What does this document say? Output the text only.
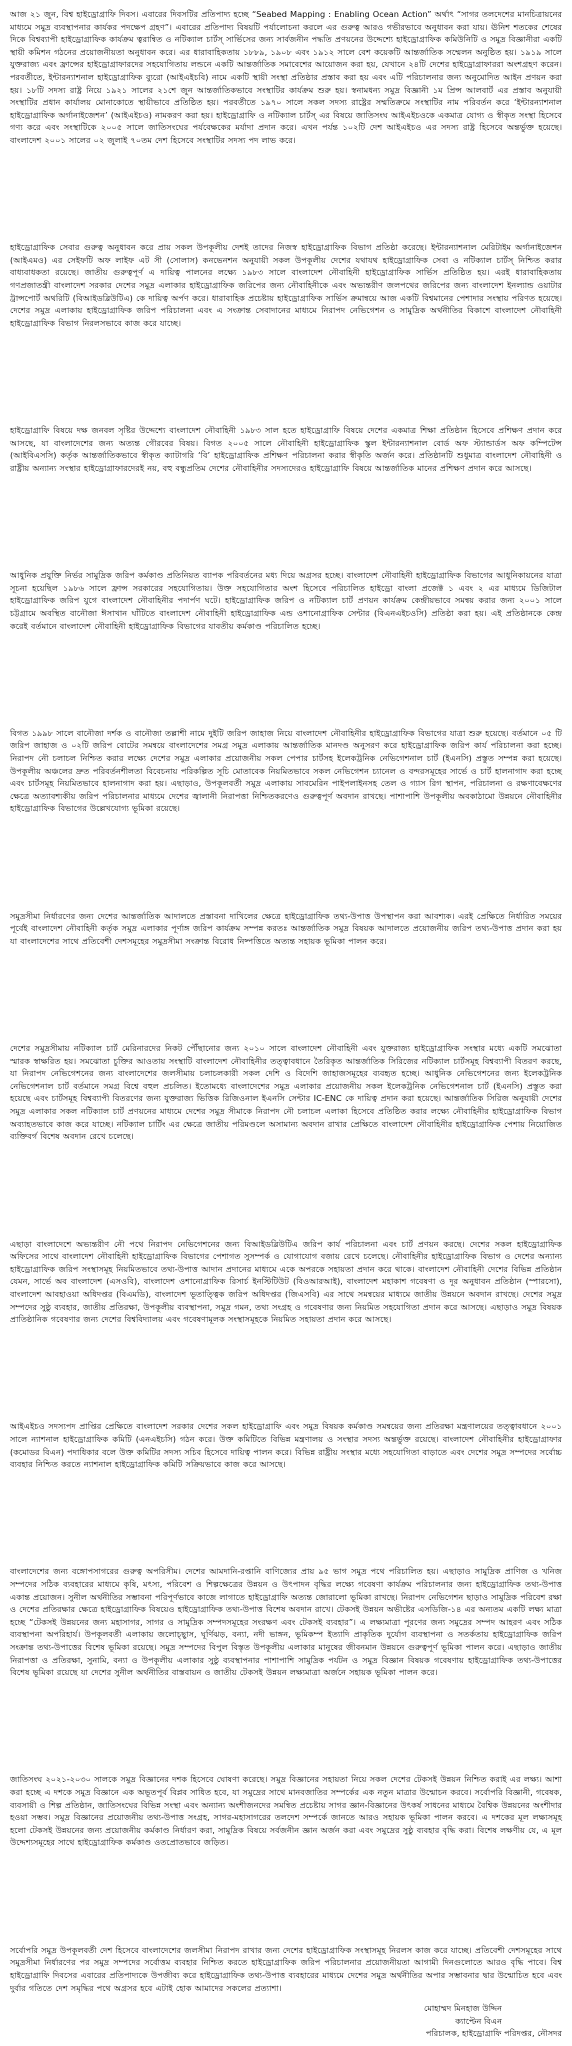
আজ ২১ জুন, বিশ্ব হাইড্রোগ্রাফি দিবস। এবারের দিবসটির প্রতিপাদ্য হচ্ছে “Seabed Mapping : Enabling Ocean Action” অর্থাৎ “সাগর তলদেশের মানচিত্রায়নের মাধ্যমে সমুদ্র ব্যবস্থাপনার কার্যকর পদক্ষেপ গ্রহণ”। এবারের প্রতিপাদ্য বিষয়টি পর্যালোচনা করলে এর গুরুত্ব আরও গভীরভাবে অনুধাবন করা যায়। ঊনিশ শতকের শেষের দিকে বিশ্বব্যাপী হাইড্রোগ্রাফিক কার্যক্রম ত্বরান্বিত ও নটিক্যাল চার্টস্‌ সার্ভিসের জন্য সার্বজনীন পদ্ধতি প্রণয়নের উদ্দেশ্যে হাইড্রোগ্রাফিক কমিউনিটি ও সমুদ্র বিজ্ঞানীরা একটি স্থায়ী কমিশন গঠনের প্রয়োজনীয়তা অনুধাবন করে। এর ধারাবাহিকতায় ১৮৮৯, ১৯০৮ এবং ১৯১২ সালে বেশ কয়েকটি আন্তর্জাতিক সম্মেলন অনুষ্ঠিত হয়। ১৯১৯ সালে যুক্তরাজ্য এবং ফ্রান্সের হাইড্রোগ্রাফারদের সহযোগিতায় লন্ডনে একটি আন্তর্জাতিক সমাবেশের আয়োজন করা হয়, যেখানে ২৪টি দেশের হাইড্রোগ্রাফাররা অংশগ্রহণ করেন। পরবর্তীতে, ইন্টারন্যাশনাল হাইড্রোগ্রাফিক ব্যুরো (আইএইচবি) নামে একটি স্থায়ী সংস্থা প্রতিষ্ঠার প্রস্তাব করা হয় এবং এটি পরিচালনার জন্য অনুমোদিত আইন প্রণয়ন করা হয়। ১৮টি সদস্য রাষ্ট্র নিয়ে ১৯২১ সালের ২১শে জুন আন্তর্জাতিকভাবে সংস্থাটির কার্যক্রম শুরু হয়। স্বনামধন্য সমুদ্র বিজ্ঞানী ১ম প্রিন্স আলবার্ট এর প্রস্তাব অনুযায়ী সংস্থাটির প্রধান কার্যালয় মোনাকোতে স্থায়ীভাবে প্রতিষ্ঠিত হয়। পরবর্তীতে ১৯৭০ সালে সকল সদস্য রাষ্ট্রের সম্মতিক্রমে সংস্থাটির নাম পরিবর্তন করে ‘ইন্টারন্যাশনাল হাইড্রোগ্রাফিক অর্গানাইজেশন’ (আইএইচও) নামকরণ করা হয়। হাইড্রোগ্রাফি ও নটিক্যাল চার্টস্‌ এর বিষয়ে জাতিসংঘ আইএইচওকে একমাত্র যোগ্য ও স্বীকৃত সংস্থা হিসেবে গণ্য করে এবং সংস্থাটিকে ২০০৫ সালে জাতিসংঘের পর্যবেক্ষকের মর্যাদা প্রদান করে। এখন পর্যন্ত ১০২টি দেশ আইএইচও এর সদস্য রাষ্ট্র হিসেবে অন্তর্ভুক্ত হয়েছে। বাংলাদেশ ২০০১ সালের ০২ জুলাই ৭০তম দেশ হিসেবে সংস্থাটির সদস্য পদ লাভ করে।

হাইড্রোগ্রাফিক সেবার গুরুত্ব অনুধাবন করে প্রায় সকল উপকূলীয় দেশই তাদের নিজস্ব হাইড্রোগ্রাফিক বিভাগ প্রতিষ্ঠা করেছে। ইন্টারন্যাশনাল মেরিটাইম অর্গানাইজেশন (আইএমও) এর সেইফটি অফ লাইফ এট সী (সোলাস) কনভেনশন অনুযায়ী সকল উপকূলীয় দেশের যথাযথ হাইড্রোগ্রাফিক সেবা ও নটিক্যাল চার্টস্‌ নিশ্চিত করার বাধ্যবাধকতা রয়েছে। জাতীয় গুরুত্বপূর্ণ এ দায়িত্ব পালনের লক্ষ্যে ১৯৮৩ সালে বাংলাদেশ নৌবাহিনী হাইড্রোগ্রাফিক সার্ভিস প্রতিষ্ঠিত হয়। এরই ধারাবাহিকতায় গণপ্রজাতন্ত্রী বাংলাদেশ সরকার দেশের সমুদ্র এলাকার হাইড্রোগ্রাফিক জরিপের জন্য নৌবাহিনীকে এবং অভ্যন্তরীণ জলপথের জরিপের জন্য বাংলাদেশ ইনল্যান্ড ওয়াটার ট্রান্সপোর্ট অথরিটি (বিআইডব্লিউটিএ) কে দায়িত্ব অর্পণ করে। ধারাবাহিক প্রচেষ্টায় হাইড্রোগ্রাফিক সার্ভিস ক্রমান্বয়ে আজ একটি বিশ্বমানের পেশাদার সংস্থায় পরিণত হয়েছে। দেশের সমুদ্র এলাকায় হাইড্রোগ্রাফিক জরিপ পরিচালনা এবং এ সংক্রান্ত সেবাদানের মাধ্যমে নিরাপদ নেভিগেশন ও সামুদ্রিক অর্থনীতির বিকাশে বাংলাদেশ নৌবাহিনী হাইড্রোগ্রাফিক বিভাগ নিরলসভাবে কাজ করে যাচ্ছে।

হাইড্রোগ্রাফি বিষয়ে দক্ষ জনবল সৃষ্টির উদ্দেশ্যে বাংলাদেশ নৌবাহিনী ১৯৮৩ সাল হতে হাইড্রোগ্রাফি বিষয়ে দেশের একমাত্র শিক্ষা প্রতিষ্ঠান হিসেবে প্রশিক্ষণ প্রদান করে আসছে, যা বাংলাদেশের জন্য অত্যন্ত গৌরবের বিষয়। বিগত ২০০৫ সালে নৌবাহিনী হাইড্রোগ্রাফিক স্কুল ইন্টারন্যাশনাল বোর্ড অফ স্ট্যান্ডার্ডস অফ কম্পিটেন্স (আইবিএসসি) কর্তৃক আন্তর্জাতিকভাবে স্বীকৃত ক্যাটাগরি ‘বি’ হাইড্রোগ্রাফিক প্রশিক্ষণ পরিচালনা করার স্বীকৃতি অর্জন করে। প্রতিষ্ঠানটি শুধুমাত্র বাংলাদেশ নৌবাহিনী ও রাষ্ট্রীয় অন্যান্য সংস্থার হাইড্রোগ্রাফারদেরই নয়, বহু বন্ধুপ্রতিম দেশের নৌবাহিনীর সদস্যদেরও হাইড্রোগ্রাফি বিষয়ে আন্তর্জাতিক মানের প্রশিক্ষণ প্রদান করে আসছে।

আধুনিক প্রযুক্তি নির্ভর সামুদ্রিক জরিপ কর্মকাণ্ড প্রতিনিয়ত ব্যাপক পরিবর্তনের মধ্য দিয়ে অগ্রসর হচ্ছে। বাংলাদেশ নৌবাহিনী হাইড্রোগ্রাফিক বিভাগের আধুনিকায়নের যাত্রা সূচনা হয়েছিল ১৯৮৬ সালে ফ্রান্স সরকারের সহযোগিতায়। উক্ত সহযোগিতার অংশ হিসেবে পরিচালিত হাইড্রো বাংলা প্রজেক্ট ১ এবং ২ এর মাধ্যমে ডিজিটাল হাইড্রোগ্রাফিক জরিপ যুগে বাংলাদেশ নৌবাহিনীর পদার্পণ ঘটে। হাইড্রোগ্রাফিক জরিপ ও নটিক্যাল চার্ট প্রণয়ন কার্যক্রম কেন্দ্রীয়ভাবে সমন্বয় করার জন্য ২০০১ সালে চট্টগ্রামে অবস্থিত বানৌজা ঈসাখান ঘাঁটিতে বাংলাদেশ নৌবাহিনী হাইড্রোগ্রাফিক এন্ড ওশানোগ্রাফিক সেন্টার (বিএনএইচওসি) প্রতিষ্ঠা করা হয়। এই প্রতিষ্ঠানকে কেন্দ্র করেই বর্তমানে বাংলাদেশ নৌবাহিনী হাইড্রোগ্রাফিক বিভাগের যাবতীয় কর্মকাণ্ড পরিচালিত হচ্ছে।

বিগত ১৯৯৮ সালে বানৌজা দর্শক ও বানৌজা তল্লাশী নামে দুইটি জরিপ জাহাজ নিয়ে বাংলাদেশ নৌবাহিনীর হাইড্রোগ্রাফিক বিভাগের যাত্রা শুরু হয়েছে। বর্তমানে ০৫ টি জরিপ জাহাজ ও ০২টি জরিপ বোটের সমন্বয়ে বাংলাদেশের সমগ্র সমুদ্র এলাকায় আন্তর্জাতিক মানদণ্ড অনুসরণ করে হাইড্রোগ্রাফিক জরিপ কার্য পরিচালনা করা হচ্ছে। নিরাপদ নৌ চলাচল নিশ্চিত করার লক্ষ্যে দেশের সমুদ্র এলাকার প্রয়োজনীয় সকল পেপার চার্টসহ ইলেকট্রনিক নেভিগেশনাল চার্ট (ইএনসি) প্রস্তুত সম্পন্ন করা হয়েছে। উপকূলীয় অঞ্চলের দ্রুত পরিবর্তনশীলতা বিবেচনায় পরিকল্পিত সূচি মোতাবেক নিয়মিতভাবে সকল নেভিগেশন চ্যানেল ও বন্দরসমূহের সার্ভে ও চার্ট হালনাগাদ করা হচ্ছে এবং চার্টসমূহ নিয়মিতভাবে হালনাগাদ করা হয়। এছাড়াও, উপকূলবর্তী সমুদ্র এলাকায় সাবমেরিন পাইপলাইনসহ তেল ও গ্যাস রিগ স্থাপন, পরিচালনা ও রক্ষণাবেক্ষণের ক্ষেত্রে অত্যাবশ্যকীয় জরিপ পরিচালনার মাধ্যমে দেশের জ্বালানী নিরাপত্তা নিশ্চিতকরণেও গুরুত্বপূর্ণ অবদান রাখছে। পাশাপাশি উপকূলীয় অবকাঠামো উন্নয়নে নৌবাহিনীর হাইড্রোগ্রাফিক বিভাগের উল্লেখযোগ্য ভূমিকা রয়েছে।

সমুদ্রসীমা নির্ধারণের জন্য দেশের আন্তর্জাতিক আদালতে প্রস্তাবনা দাখিলের ক্ষেত্রে হাইড্রোগ্রাফিক তথ্য-উপাত্ত উপস্থাপন করা আবশ্যক। এরই প্রেক্ষিতে নির্ধারিত সময়ের পূর্বেই বাংলাদেশ নৌবাহিনী কর্তৃক সমুদ্র এলাকার পূর্ণাঙ্গ জরিপ কার্যক্রম সম্পন্ন করতঃ আন্তর্জাতিক সমুদ্র বিষয়ক আদালতে প্রয়োজনীয় জরিপ তথ্য-উপাত্ত প্রদান করা হয় যা বাংলাদেশের সাথে প্রতিবেশী দেশসমূহের সমুদ্রসীমা সংক্রান্ত বিরোধ নিষ্পত্তিতে অত্যন্ত সহায়ক ভূমিকা পালন করে।

দেশের সমুদ্রসীমায় নটিক্যাল চার্ট মেরিনারদের নিকট পৌঁছানোর জন্য ২০১০ সালে বাংলাদেশ নৌবাহিনী এবং যুক্তরাজ্য হাইড্রোগ্রাফিক সংস্থার মধ্যে একটি সমঝোতা স্মারক স্বাক্ষরিত হয়। সমঝোতা চুক্তির আওতায় সংস্থাটি বাংলাদেশ নৌবাহিনীর তত্ত্বাবধানে তৈরিকৃত আন্তর্জাতিক সিরিজের নটিক্যাল চার্টসমূহ বিশ্বব্যাপী বিতরণ করছে, যা নিরাপদ নেভিগেশনের জন্য বাংলাদেশের জলসীমায় চলাচলকারী সকল দেশি ও বিদেশি জাহাজসমূহের ব্যবহৃত হচ্ছে। আধুনিক নেভিগেশনের জন্য ইলেকট্রনিক নেভিগেশনাল চার্ট বর্তমানে সমগ্র বিশ্বে বহুল প্রচলিত। ইতোমধ্যে বাংলাদেশের সমুদ্র এলাকার প্রয়োজনীয় সকল ইলেকট্রনিক নেভিগেশনাল চার্ট (ইএনসি) প্রস্তুত করা হয়েছে এবং চার্টসমূহ বিশ্বব্যাপী বিতরণের জন্য যুক্তরাজ্য ভিত্তিক রিজিওনাল ইএনসি সেন্টার IC-ENC কে দায়িত্ব প্রদান করা হয়েছে। আন্তর্জাতিক সিরিজ অনুযায়ী দেশের সমুদ্র এলাকার সকল নটিক্যাল চার্ট প্রণয়নের মাধ্যমে দেশের সমুদ্র সীমাকে নিরাপদ নৌ চলাচল এলাকা হিসেবে প্রতিষ্ঠিত করার লক্ষ্যে নৌবাহিনীর হাইড্রোগ্রাফিক বিভাগ অব্যাহতভাবে কাজ করে যাচ্ছে। নটিক্যাল চার্টিং এর ক্ষেত্রে জাতীয় পরিমণ্ডলে অসামান্য অবদান রাখার প্রেক্ষিতে বাংলাদেশ নৌবাহিনীর হাইড্রোগ্রাফিক পেশায় নিয়োজিত ব্যক্তিবর্গ বিশেষ অবদান রেখে চলেছে।

এছাড়া বাংলাদেশে অভ্যন্তরীণ নৌ পথে নিরাপদ নেভিগেশনের জন্য বিআইডব্লিউটিএ জরিপ কার্য পরিচালনা এবং চার্ট প্রণয়ন করছে। দেশের সকল হাইড্রোগ্রাফিক অফিসের সাথে বাংলাদেশ নৌবাহিনী হাইড্রোগ্রাফিক বিভাগের পেশাগত সুসম্পর্ক ও যোগাযোগ বজায় রেখে চলেছে। নৌবাহিনীর হাইড্রোগ্রাফিক বিভাগ ও দেশের অন্যান্য হাইড্রোগ্রাফিক জরিপ সংস্থাসমূহ নিয়মিতভাবে তথ্য-উপাত্ত আদান প্রদানের মাধ্যমে একে অপরকে সহায়তা প্রদান করে থাকে। বাংলাদেশ নৌবাহিনী দেশের বিভিন্ন প্রতিষ্ঠান যেমন, সার্ভে অব বাংলাদেশ (এসওবি), বাংলাদেশ ওশানোগ্রাফিক রিসার্চ ইনস্টিটিউট (বিওআরআই), বাংলাদেশ মহাকাশ গবেষণা ও দূর অনুধাবন প্রতিষ্ঠান (স্পারসো), বাংলাদেশ আবহাওয়া অধিদপ্তর (বিএমডি), বাংলাদেশ ভূতাত্ত্বিক জরিপ অধিদপ্তর (জিএসবি) এর সাথে সমন্বয়ের মাধ্যমে জাতীয় উন্নয়নে অবদান রাখছে। দেশের সমুদ্র সম্পদের সুষ্ঠু ব্যবহার, জাতীয় প্রতিরক্ষা, উপকূলীয় ব্যবস্থাপনা, সমুদ্র গমন, তথ্য সংগ্রহ ও গবেষণার জন্য নিয়মিত সহযোগিতা প্রদান করে আসছে। এছাড়াও সমুদ্র বিষয়ক প্রাতিষ্ঠানিক গবেষণার জন্য দেশের বিশ্ববিদ্যালয় এবং গবেষণামূলক সংস্থাসমূহকে নিয়মিত সহায়তা প্রদান করে আসছে।

আইএইচও সদস্যপদ প্রাপ্তির প্রেক্ষিতে বাংলাদেশ সরকার দেশের সকল হাইড্রোগ্রাফি এবং সমুদ্র বিষয়ক কর্মকাণ্ড সমন্বয়ের জন্য প্রতিরক্ষা মন্ত্রণালয়ের তত্ত্বাবধানে ২০০১ সালে ন্যাশনাল হাইড্রোগ্রাফিক কমিটি (এনএইচসি) গঠন করে। উক্ত কমিটিতে বিভিন্ন মন্ত্রণালয় ও সংস্থার সদস্য অন্তর্ভুক্ত রয়েছে। বাংলাদেশ নৌবাহিনীর হাইড্রোগ্রাফার (কমোডর বিএন) পদাধিকার বলে উক্ত কমিটির সদস্য সচিব হিসেবে দায়িত্ব পালন করে। বিভিন্ন রাষ্ট্রীয় সংস্থার মধ্যে সহযোগিতা বাড়াতে এবং দেশের সমুদ্র সম্পদের সর্বোচ্চ ব্যবহার নিশ্চিত করতে ন্যাশনাল হাইড্রোগ্রাফিক কমিটি সক্রিয়ভাবে কাজ করে আসছে।

বাংলাদেশের জন্য বঙ্গোপসাগরের গুরুত্ব অপরিসীম। দেশের আমদানি-রপ্তানি বাণিজ্যের প্রায় ৯৫ ভাগ সমুদ্র পথে পরিচালিত হয়। এছাড়াও সামুদ্রিক প্রাণিজ ও খনিজ সম্পদের সঠিক ব্যবহারের মাধ্যমে কৃষি, মৎস্য, পরিবেশ ও শিল্পক্ষেত্রের উন্নয়ন ও উৎপাদন বৃদ্ধির লক্ষ্যে গবেষণা কার্যক্রম পরিচালনার জন্য হাইড্রোগ্রাফিক তথ্য-উপাত্ত একান্ত প্রয়োজন। সুনীল অর্থনীতির সম্ভাবনা পরিপূর্ণভাবে কাজে লাগাতে হাইড্রোগ্রাফি অত্যন্ত জোরালো ভূমিকা রাখছে। নিরাপদ নেভিগেশন ছাড়াও সামুদ্রিক পরিবেশ রক্ষা ও দেশের প্রতিরক্ষার ক্ষেত্রে হাইড্রোগ্রাফিক বিষয়েও হাইড্রোগ্রাফিক তথ্য-উপাত্ত বিশেষ অবদান রাখে। টেকসই উন্নয়ন অভীষ্টের এসডিজি-১৪ এর অন্যতম একটি লক্ষ্য মাত্রা হচ্ছে “টেকসই উন্নয়নের জন্য মহাসাগর, সাগর ও সামুদ্রিক সম্পদসমূহের সংরক্ষণ এবং টেকসই ব্যবহার”। এ লক্ষ্যমাত্রা পূরণের জন্য সমুদ্রের সম্পদ আহরণ এবং সঠিক ব্যবস্থাপনা অপরিহার্য। উপকূলবর্তী এলাকায় জলোচ্ছ্বাস, ঘূর্ণিঝড়, বন্যা, নদী ভাঙ্গন, ভূমিকম্প ইত্যাদি প্রাকৃতিক দুর্যোগ ব্যবস্থাপনা ও সতর্কতায় হাইড্রোগ্রাফিক জরিপ সংক্রান্ত তথ্য-উপাত্তের বিশেষ ভূমিকা রয়েছে। সমুদ্র সম্পদের বিপুল বিস্তৃত উপকূলীয় এলাকার মানুষের জীবনমান উন্নয়নে গুরুত্বপূর্ণ ভূমিকা পালন করে। এছাড়াও জাতীয় নিরাপত্তা ও প্রতিরক্ষা, সুনামি, বন্যা ও উপকূলীয় এলাকার সুষ্ঠু ব্যবস্থাপনার পাশাপাশি সামুদ্রিক পর্যটন ও সমুদ্র বিজ্ঞান বিষয়ক গবেষণায় হাইড্রোগ্রাফিক তথ্য-উপাত্তের বিশেষ ভূমিকা রয়েছে যা দেশের সুনীল অর্থনীতির বাস্তবায়ন ও জাতীয় টেকসই উন্নয়ন লক্ষ্যমাত্রা অর্জনে সহায়ক ভূমিকা পালন করে।

জাতিসংঘ ২০২১-২০৩০ সালকে সমুদ্র বিজ্ঞানের দশক হিসেবে ঘোষণা করেছে। সমুদ্র বিজ্ঞানের সহায়তা নিয়ে সকল দেশের টেকসই উন্নয়ন নিশ্চিত করাই এর লক্ষ্য। আশা করা হচ্ছে এ দশকে সমুদ্র বিজ্ঞানে এক অভূতপূর্ব বিপ্লব সাধিত হবে, যা সমুদ্রের সাথে মানবজাতির সম্পর্কের এক নতুন মাত্রার উন্মোচন করবে। সর্বোপরি বিজ্ঞানী, গবেষক, ব্যবসায়ী ও শিল্প প্রতিষ্ঠান, জাতিসংঘের বিভিন্ন সংস্থা এবং অন্যান্য অংশীজনদের সমন্বিত প্রচেষ্টায় সাগর জ্ঞান-বিজ্ঞানের উৎকর্ষ সাধনের মাধ্যমে বৈশ্বিক উন্নয়নের অংশীদার হওয়া সম্ভব। সমুদ্র বিজ্ঞানের প্রয়োজনীয় তথ্য-উপাত্ত সংগ্রহ, সাগর-মহাসাগরের তলদেশ সম্পর্কে জানতে আরও সহায়ক ভূমিকা পালন করবে। এ দশকের মূল লক্ষ্যসমূহ হলো টেকসই উন্নয়নের জন্য প্রয়োজনীয় কর্মকাণ্ড নির্ধারণ করা, সামুদ্রিক বিষয়ে সর্বজনীন জ্ঞান অর্জন করা এবং সমুদ্রের সুষ্ঠু ব্যবহার বৃদ্ধি করা। বিশেষ লক্ষণীয় যে, এ মূল উদ্দেশ্যসমূহের সাথে হাইড্রোগ্রাফিক কর্মকাণ্ড ওতপ্রোতভাবে জড়িত।

সর্বোপরি সমুদ্র উপকূলবর্তী দেশ হিসেবে বাংলাদেশের জলসীমা নিরাপদ রাখার জন্য দেশের হাইড্রোগ্রাফিক সংস্থাসমূহ নিরলস কাজ করে যাচ্ছে। প্রতিবেশী দেশসমূহের সাথে সমুদ্রসীমা নির্ধারণের পর সমুদ্র সম্পদের সর্বোত্তম ব্যবহার নিশ্চিত করতে হাইড্রোগ্রাফিক জরিপ পরিচালনার প্রয়োজনীয়তা আগামী দিনগুলোতে আরও বৃদ্ধি পাবে। বিশ্ব হাইড্রোগ্রাফি দিবসের এবারের প্রতিপাদ্যকে উপজীব্য করে হাইড্রোগ্রাফিক তথ্য-উপাত্ত ব্যবহারের মাধ্যমে দেশের সমুদ্র অর্থনীতির অপার সম্ভাবনার দ্বার উন্মোচিত হবে এবং দুর্বার গতিতে দেশ সমৃদ্ধির পথে অগ্রসর হবে এটাই হোক আমাদের সকলের প্রত্যাশা।

মোহাম্মদ মিনহাজ উদ্দিন
ক্যাপ্টেন বিএন
পরিচালক, হাইড্রোগ্রাফি পরিদপ্তর, নৌসদর
